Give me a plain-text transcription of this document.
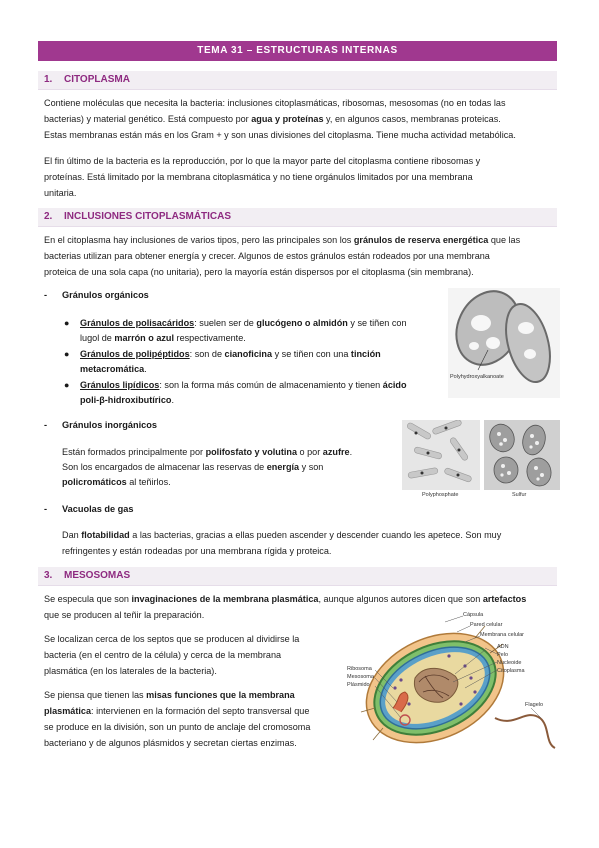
TEMA 31 – ESTRUCTURAS INTERNAS
1. CITOPLASMA
Contiene moléculas que necesita la bacteria: inclusiones citoplasmáticas, ribosomas, mesosomas (no en todas las
bacterias) y material genético. Está compuesto por agua y proteínas y, en algunos casos, membranas proteicas.
Estas membranas están más en los Gram + y son unas divisiones del citoplasma. Tiene mucha actividad metabólica.
El fin último de la bacteria es la reproducción, por lo que la mayor parte del citoplasma contiene ribosomas y
proteínas. Está limitado por la membrana citoplasmática y no tiene orgánulos limitados por una membrana
unitaria.
2. INCLUSIONES CITOPLASMÁTICAS
En el citoplasma hay inclusiones de varios tipos, pero las principales son los gránulos de reserva energética que las
bacterias utilizan para obtener energía y crecer. Algunos de estos gránulos están rodeados por una membrana
proteica de una sola capa (no unitaria), pero la mayoría están dispersos por el citoplasma (sin membrana).
- Gránulos orgánicos
● Gránulos de polisacáridos: suelen ser de glucógeno o almidón y se tiñen con
lugol de marrón o azul respectivamente.
● Gránulos de polipéptidos: son de cianoficina y se tiñen con una tinción
metacromática.
● Gránulos lipídicos: son la forma más común de almacenamiento y tienen ácido
poli-β-hidroxibutírico.
Polyhydroxyalkanoate
- Gránulos inorgánicos
Están formados principalmente por polifosfato y volutina o por azufre.
Son los encargados de almacenar las reservas de energía y son
policromáticos al teñirlos.
Polyphosphate	Sulfur
- Vacuolas de gas
Dan flotabilidad a las bacterias, gracias a ellas pueden ascender y descender cuando les apetece. Son muy
refringentes y están rodeadas por una membrana rígida y proteica.
3. MESOSOMAS
Se especula que son invaginaciones de la membrana plasmática, aunque algunos autores dicen que son artefactos
que se producen al teñir la preparación.
Se localizan cerca de los septos que se producen al dividirse la
bacteria (en el centro de la célula) y cerca de la membrana
plasmática (en los laterales de la bacteria).
Se piensa que tienen las misas funciones que la membrana
plasmática: intervienen en la formación del septo transversal que
se produce en la división, son un punto de anclaje del cromosoma
bacteriano y de algunos plásmidos y secretan ciertas enzimas.
Cápsula
Pared celular
Membrana celular
ADN
Pelo
Nucleoide
Citoplasma
Ribosoma
Mesosoma
Plásmido
Flagelo
